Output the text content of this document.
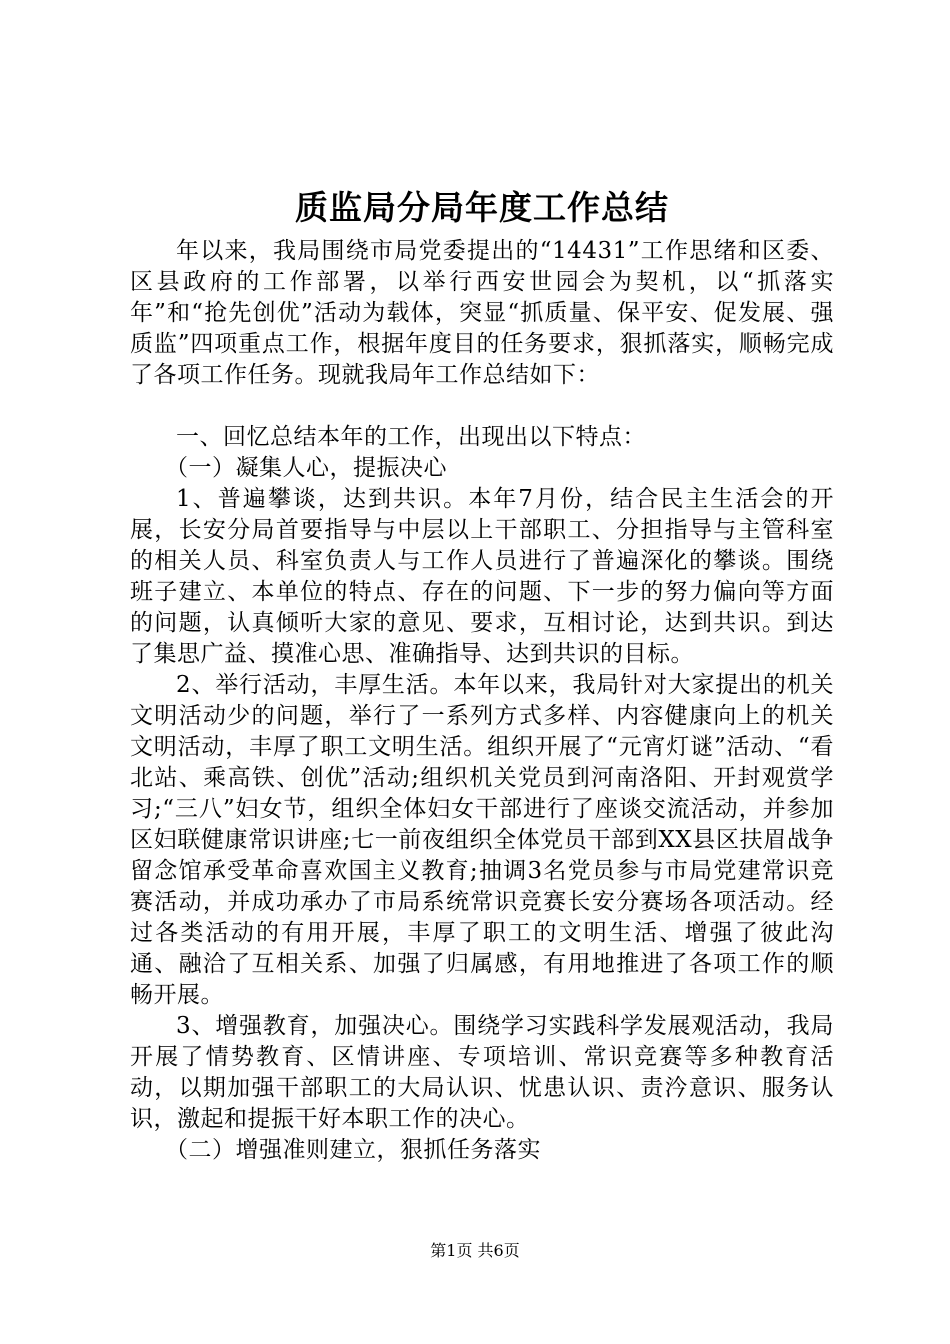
质监局分局年度工作总结

年以来，我局围绕市局党委提出的“14431”工作思绪和区委、区县政府的工作部署，以举行西安世园会为契机，以“抓落实年”和“抢先创优”活动为载体，突显“抓质量、保平安、促发展、强质监”四项重点工作，根据年度目的任务要求，狠抓落实，顺畅完成了各项工作任务。现就我局年工作总结如下：

一、回忆总结本年的工作，出现出以下特点：

（一）凝集人心，提振决心

1、普遍攀谈，达到共识。本年7月份，结合民主生活会的开展，长安分局首要指导与中层以上干部职工、分担指导与主管科室的相关人员、科室负责人与工作人员进行了普遍深化的攀谈。围绕班子建立、本单位的特点、存在的问题、下一步的努力偏向等方面的问题，认真倾听大家的意见、要求，互相讨论，达到共识。到达了集思广益、摸准心思、准确指导、达到共识的目标。

2、举行活动，丰厚生活。本年以来，我局针对大家提出的机关文明活动少的问题，举行了一系列方式多样、内容健康向上的机关文明活动，丰厚了职工文明生活。组织开展了“元宵灯谜”活动、“看北站、乘高铁、创优”活动;组织机关党员到河南洛阳、开封观赏学习;“三八”妇女节，组织全体妇女干部进行了座谈交流活动，并参加区妇联健康常识讲座;七一前夜组织全体党员干部到XX县区扶眉战争留念馆承受革命喜欢国主义教育;抽调3名党员参与市局党建常识竞赛活动，并成功承办了市局系统常识竞赛长安分赛场各项活动。经过各类活动的有用开展，丰厚了职工的文明生活、增强了彼此沟通、融洽了互相关系、加强了归属感，有用地推进了各项工作的顺畅开展。

3、增强教育，加强决心。围绕学习实践科学发展观活动，我局开展了情势教育、区情讲座、专项培训、常识竞赛等多种教育活动，以期加强干部职工的大局认识、忧患认识、责汵意识、服务认识，激起和提振干好本职工作的决心。

（二）增强准则建立，狠抓任务落实

第1页 共6页
